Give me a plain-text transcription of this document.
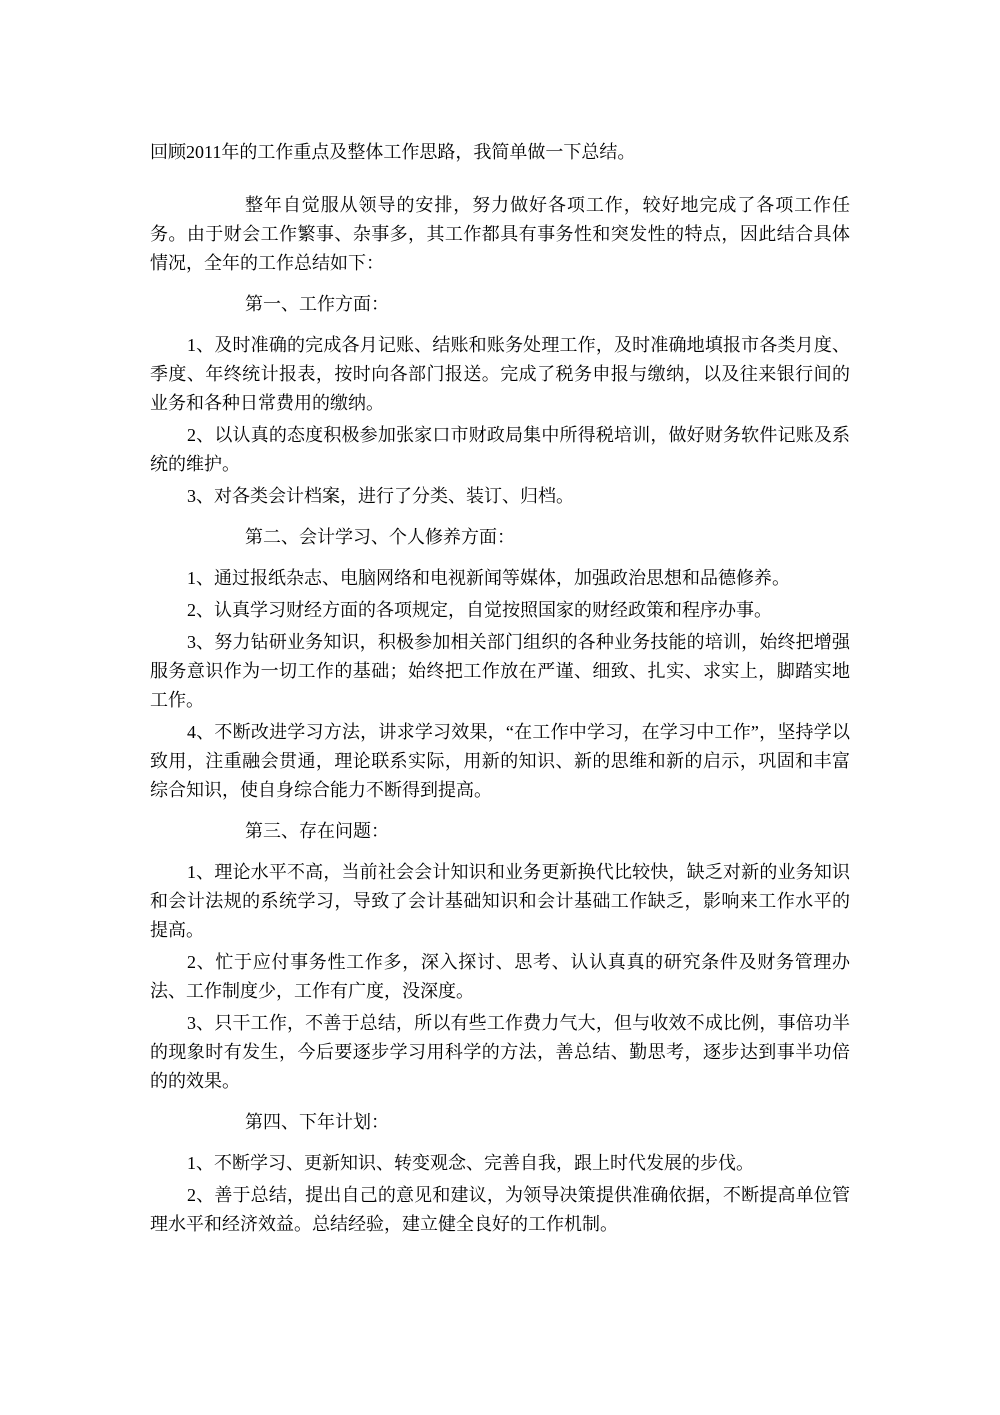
回顾2011年的工作重点及整体工作思路，我简单做一下总结。

整年自觉服从领导的安排，努力做好各项工作，较好地完成了各项工作任务。由于财会工作繁事、杂事多，其工作都具有事务性和突发性的特点，因此结合具体情况，全年的工作总结如下：

第一、工作方面：

1、及时准确的完成各月记账、结账和账务处理工作，及时准确地填报市各类月度、季度、年终统计报表，按时向各部门报送。完成了税务申报与缴纳，以及往来银行间的业务和各种日常费用的缴纳。

2、以认真的态度积极参加张家口市财政局集中所得税培训，做好财务软件记账及系统的维护。

3、对各类会计档案，进行了分类、装订、归档。

第二、会计学习、个人修养方面：

1、通过报纸杂志、电脑网络和电视新闻等媒体，加强政治思想和品德修养。

2、认真学习财经方面的各项规定，自觉按照国家的财经政策和程序办事。

3、努力钻研业务知识，积极参加相关部门组织的各种业务技能的培训，始终把增强服务意识作为一切工作的基础；始终把工作放在严谨、细致、扎实、求实上，脚踏实地工作。

4、不断改进学习方法，讲求学习效果，“在工作中学习，在学习中工作”，坚持学以致用，注重融会贯通，理论联系实际，用新的知识、新的思维和新的启示，巩固和丰富综合知识，使自身综合能力不断得到提高。

第三、存在问题：

1、理论水平不高，当前社会会计知识和业务更新换代比较快，缺乏对新的业务知识和会计法规的系统学习，导致了会计基础知识和会计基础工作缺乏，影响来工作水平的提高。

2、忙于应付事务性工作多，深入探讨、思考、认认真真的研究条件及财务管理办法、工作制度少，工作有广度，没深度。

3、只干工作，不善于总结，所以有些工作费力气大，但与收效不成比例，事倍功半的现象时有发生，今后要逐步学习用科学的方法，善总结、勤思考，逐步达到事半功倍的的效果。

第四、下年计划：

1、不断学习、更新知识、转变观念、完善自我，跟上时代发展的步伐。

2、善于总结，提出自己的意见和建议，为领导决策提供准确依据，不断提高单位管理水平和经济效益。总结经验，建立健全良好的工作机制。
